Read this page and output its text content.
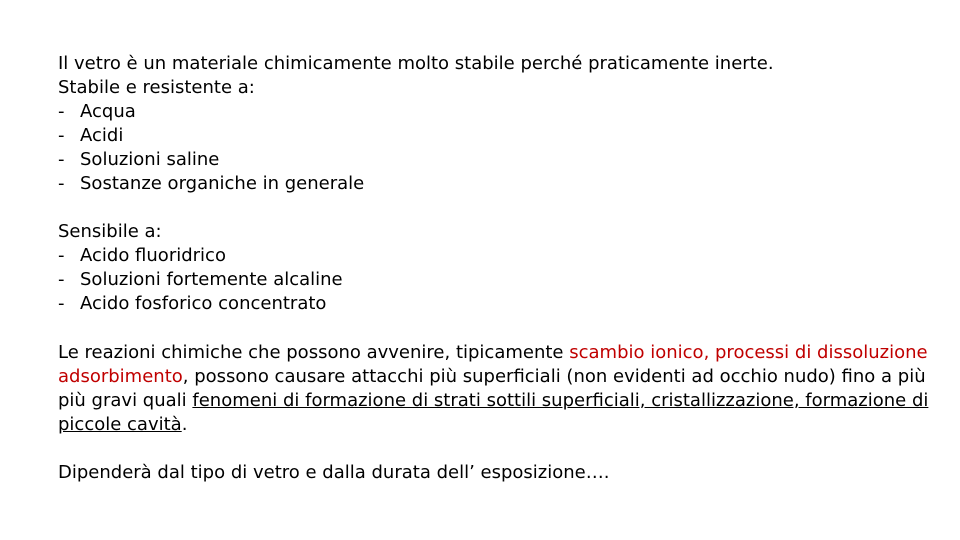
Il vetro è un materiale chimicamente molto stabile perché praticamente inerte.
Stabile e resistente a:
- Acqua
- Acidi
- Soluzioni saline
- Sostanze organiche in generale
Sensibile a:
- Acido fluoridrico
- Soluzioni fortemente alcaline
- Acido fosforico concentrato
Le reazioni chimiche che possono avvenire, tipicamente scambio ionico, processi di dissoluzione
adsorbimento, possono causare attacchi più superficiali (non evidenti ad occhio nudo) fino a più
più gravi quali fenomeni di formazione di strati sottili superficiali, cristallizzazione, formazione di
piccole cavità.
Dipenderà dal tipo di vetro e dalla durata dell’ esposizione….
